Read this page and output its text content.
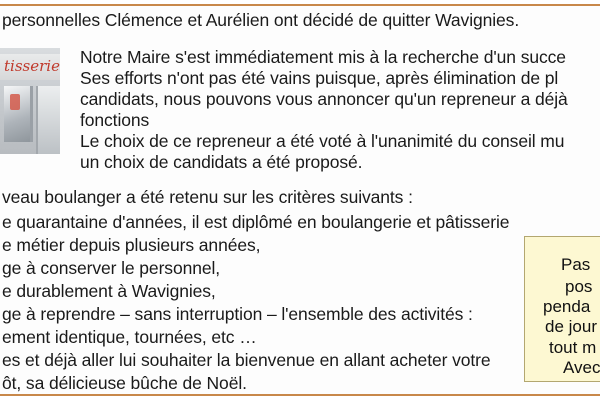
personnelles Clémence et Aurélien ont décidé de quitter Wavignies.
tisserie Notre Maire s'est immédiatement mis à la recherche d'un succe
Ses efforts n'ont pas été vains puisque, après élimination de pl
candidats, nous pouvons vous annoncer qu'un repreneur a déjà
fonctions
Le choix de ce repreneur a été voté à l'unanimité du conseil mu
un choix de candidats a été proposé.
veau boulanger a été retenu sur les critères suivants :
e quarantaine d'années, il est diplômé en boulangerie et pâtisserie
e métier depuis plusieurs années,
ge à conserver le personnel,
e durablement à Wavignies,
ge à reprendre – sans interruption – l'ensemble des activités :
ement identique, tournées, etc …
es et déjà aller lui souhaiter la bienvenue en allant acheter votre
ôt, sa délicieuse bûche de Noël.
Pas
pos
penda
de jour
tout m
Avec
